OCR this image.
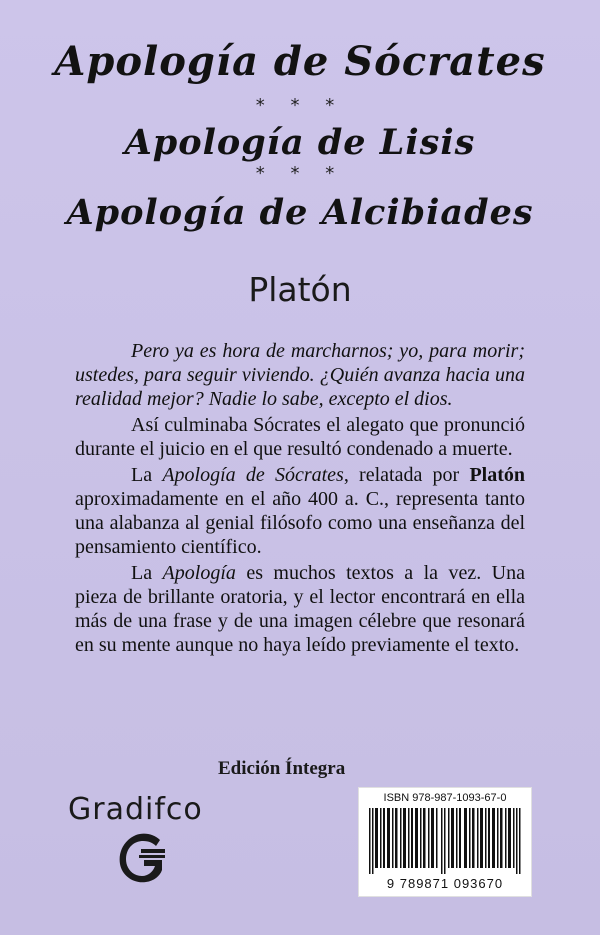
Apología de Sócrates
* * *
Apología de Lisis
* * *
Apología de Alcibiades
Platón

Pero ya es hora de marcharnos; yo, para morir; ustedes, para seguir viviendo. ¿Quién avanza hacia una realidad mejor? Nadie lo sabe, excepto el dios.

Así culminaba Sócrates el alegato que pronunció durante el juicio en el que resultó condenado a muerte.

La Apología de Sócrates, relatada por Platón aproximadamente en el año 400 a. C., representa tanto una alabanza al genial filósofo como una enseñanza del pensamiento científico.

La Apología es muchos textos a la vez. Una pieza de brillante oratoria, y el lector encontrará en ella más de una frase y de una imagen célebre que resonará en su mente aunque no haya leído previamente el texto.

Edición Íntegra
Gradifco	ISBN 978-987-1093-67-0
9 789871 093670
